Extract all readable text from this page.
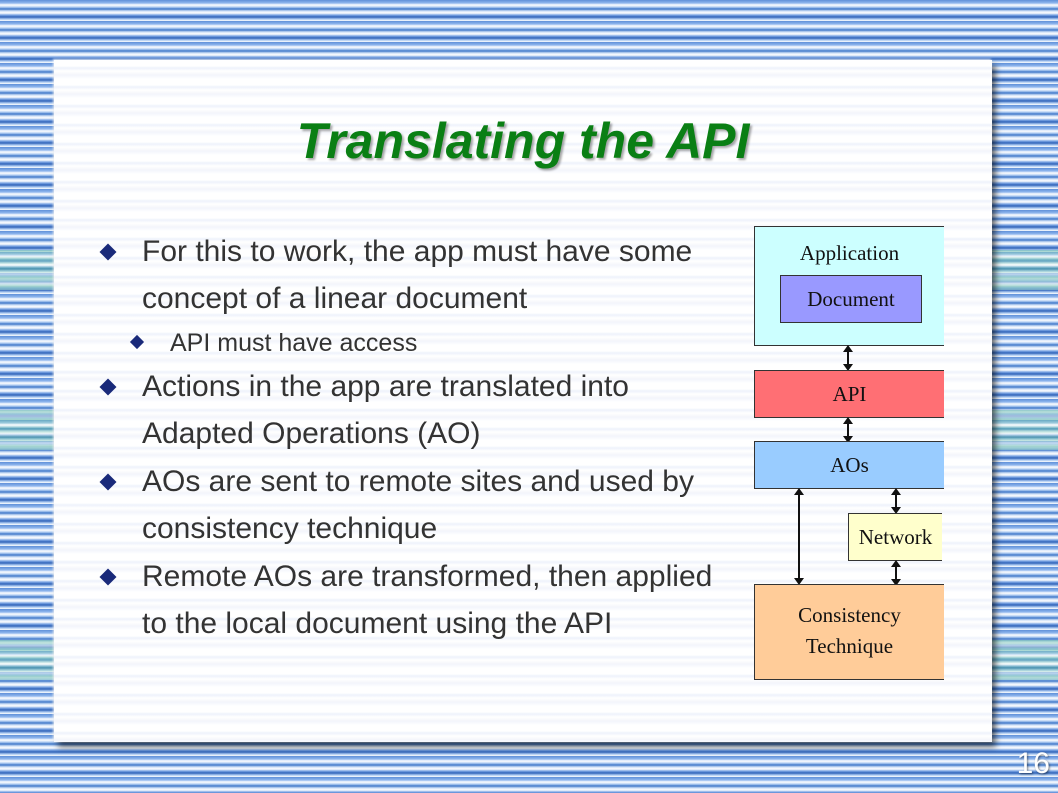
Translating the API
For this to work, the app must have some concept of a linear document
API must have access
Actions in the app are translated into Adapted Operations (AO)
AOs are sent to remote sites and used by consistency technique
Remote AOs are transformed, then applied to the local document using the API
Application
Document
API
AOs
Network
Consistency
Technique
16
